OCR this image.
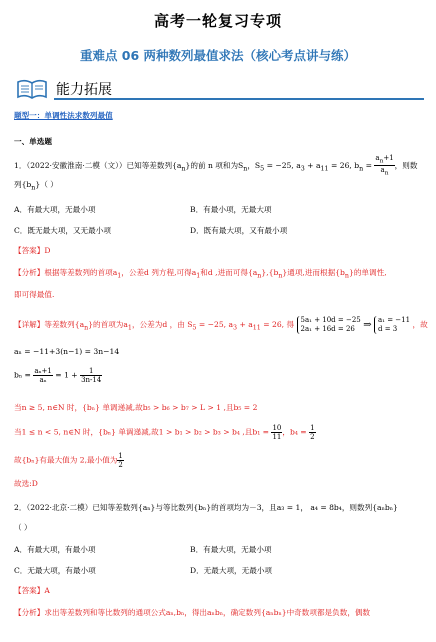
高考一轮复习专项
重难点 06 两种数列最值求法（核心考点讲与练）
能力拓展
题型一：单调性法求数列最值
一、单选题
1．（2022·安徽淮南·二模（文））已知等差数列$\{a_n\}$的前 n 项和为$S_n$，$S_5 = -25$, $a_3 + a_{11} = 26$, $b_n = \frac{a_n+1}{a_n}$ ，则数
列$\{b_n\}$（ ）
A．有最大项，无最小项	B．有最小项，无最大项
C．既无最大项，又无最小项	D．既有最大项，又有最小项
【答案】D
【分析】根据等差数列的首项$a_1$，公差d 列方程,可得$a_1$和d ,进而可得$\{a_n\},\{b_n\}$通项,进而根据$\{b_n\}$的单调性,
即可得最值.
【详解】等差数列$\{a_n\}$的首项为$a_1$，公差为d ，由 $S_5 = -25$, $a_3 + a_{11} = 26$, 得 5a₁ + 10d = −25
2a₁ + 16d = 26 ⇒ a₁ = −11
d = 3	，故
aₙ = −11+3(n−1) = 3n−14
$b_n = \frac{\text{aₙ+1}}{\text{aₙ}} = 1 + \frac{1}{3n-14}$
当n ≥ 5, n∈N 时，{bₙ} 单调递减,故b₅ > b₆ > b₇ > L > 1 ,且b₅ = 2
当1 ≤ n < 5, n∈N 时，{bₙ} 单调递减,故1 > b₁ > b₂ > b₃ > b₄ ,且$b_1 = \frac{10}{11}$ ，$b_4 = \frac{1}{2}$
故{bₙ}有最大值为 2,最小值为 $\frac{1}{2}$
故选:D
2．（2022·北京·二模）已知等差数列{aₙ}与等比数列{bₙ}的首项均为－3，且a₃ = 1， a₄ = 8b₄，则数列{aₙbₙ}
（ ）
A．有最大项，有最小项	B．有最大项，无最小项
C．无最大项，有最小项	D．无最大项，无最小项
【答案】A
【分析】求出等差数列和等比数列的通项公式aₙ,bₙ，得出aₙbₙ，确定数列{aₙbₙ}中奇数项都是负数，偶数
